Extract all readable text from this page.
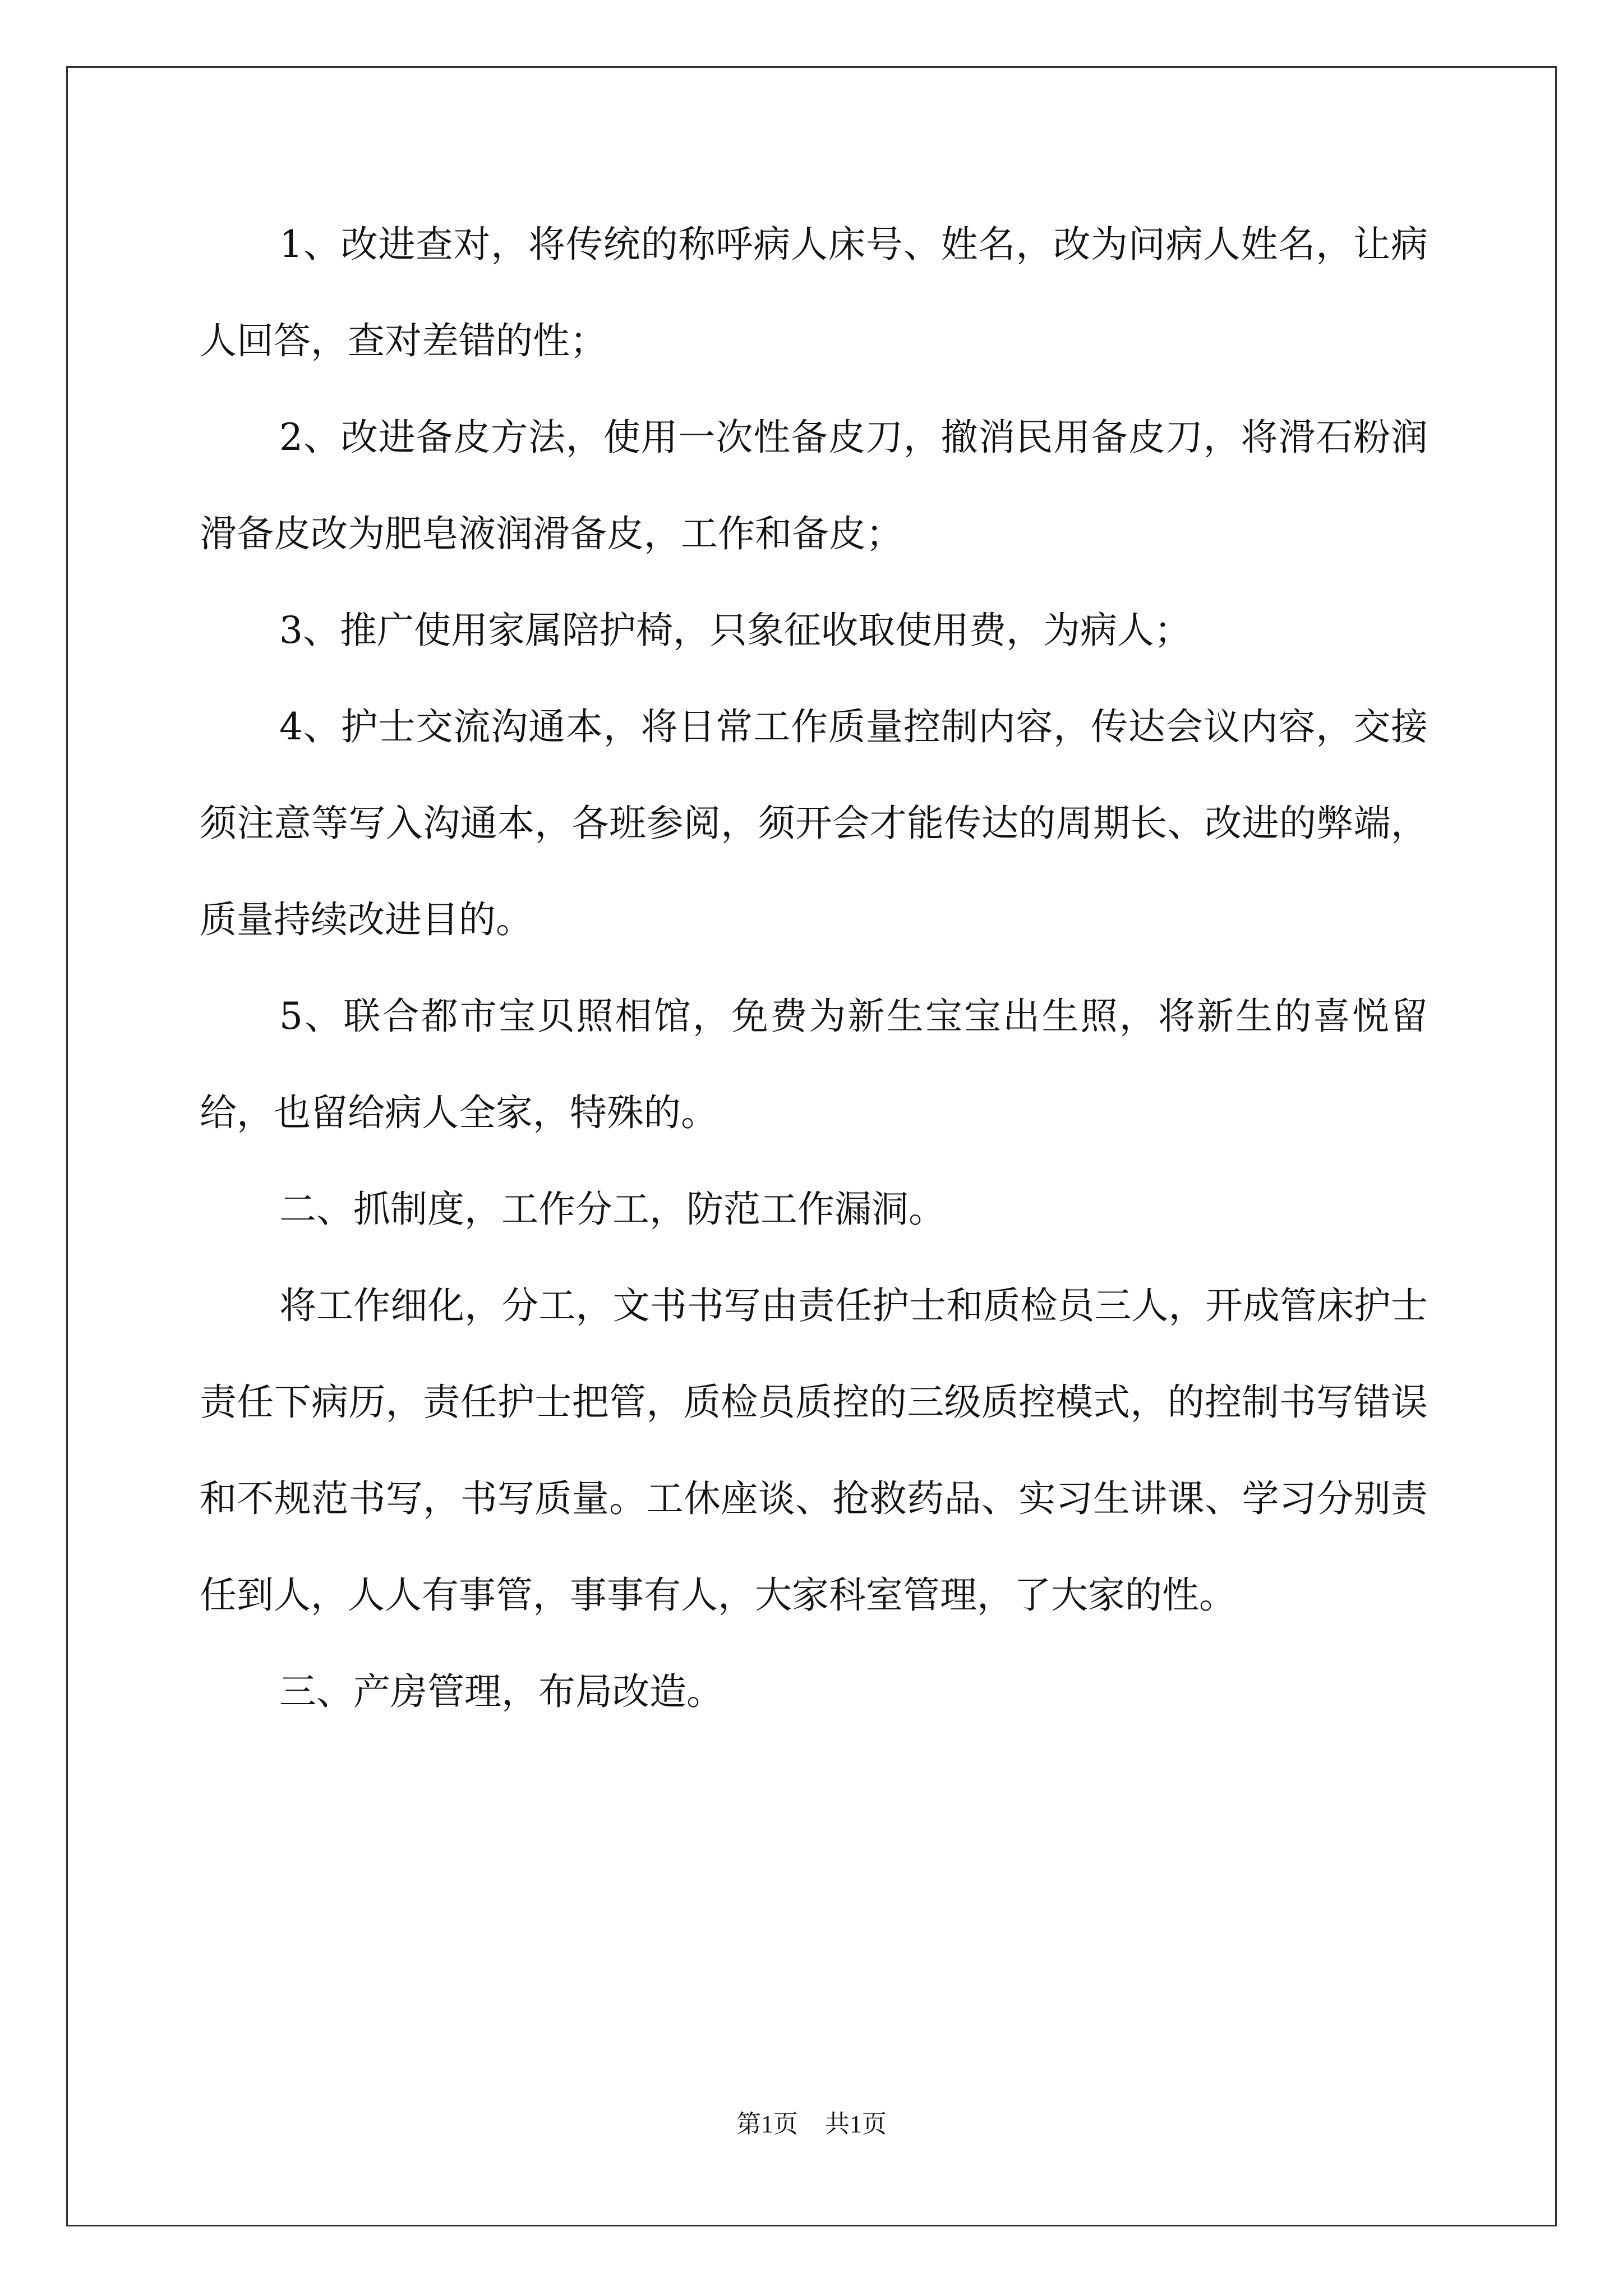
1、改进查对，将传统的称呼病人床号、姓名，改为问病人姓名，让病人回答，查对差错的性；

2、改进备皮方法，使用一次性备皮刀，撤消民用备皮刀，将滑石粉润滑备皮改为肥皂液润滑备皮，工作和备皮；

3、推广使用家属陪护椅，只象征收取使用费，为病人；

4、护士交流沟通本，将日常工作质量控制内容，传达会议内容，交接须注意等写入沟通本，各班参阅，须开会才能传达的周期长、改进的弊端，质量持续改进目的。

5、联合都市宝贝照相馆，免费为新生宝宝出生照，将新生的喜悦留给，也留给病人全家，特殊的。

二、抓制度，工作分工，防范工作漏洞。

将工作细化，分工，文书书写由责任护士和质检员三人，开成管床护士责任下病历，责任护士把管，质检员质控的三级质控模式，的控制书写错误和不规范书写，书写质量。工休座谈、抢救药品、实习生讲课、学习分别责任到人，人人有事管，事事有人，大家科室管理，了大家的性。

三、产房管理，布局改造。

第1页 共1页
